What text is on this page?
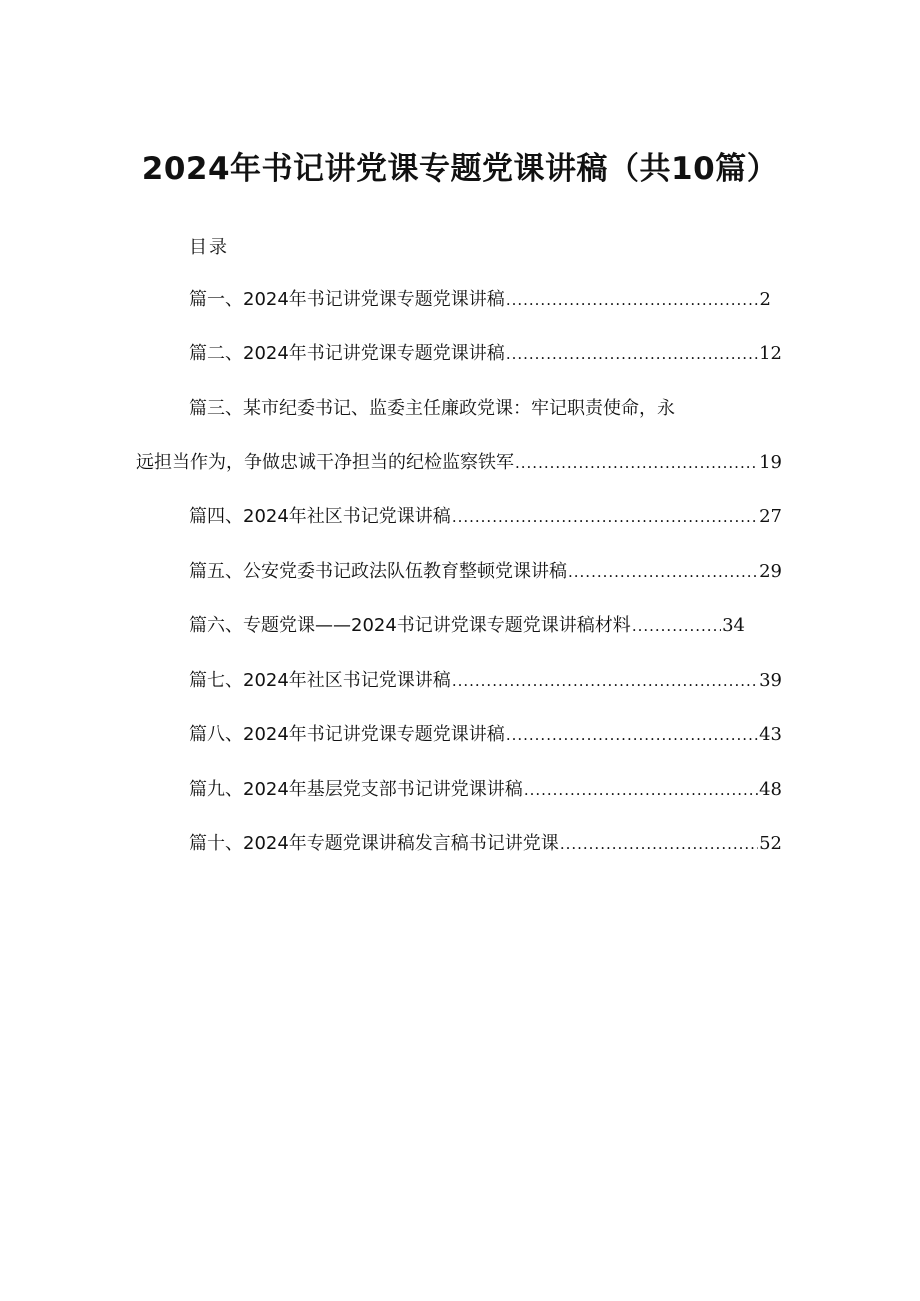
2024年书记讲党课专题党课讲稿（共10篇）
目录
篇一、2024年书记讲党课专题党课讲稿 .....	2
篇二、2024年书记讲党课专题党课讲稿 .....	12
篇三、某市纪委书记、监委主任廉政党课：牢记职责使命，永
远担当作为，争做忠诚干净担当的纪检监察铁军 .....	19
篇四、2024年社区书记党课讲稿 .....	27
篇五、公安党委书记政法队伍教育整顿党课讲稿 .....	29
篇六、专题党课——2024书记讲党课专题党课讲稿材料 .....	34
篇七、2024年社区书记党课讲稿 .....	39
篇八、2024年书记讲党课专题党课讲稿 .....	43
篇九、2024年基层党支部书记讲党课讲稿 .....	48
篇十、2024年专题党课讲稿发言稿书记讲党课 .....	52
